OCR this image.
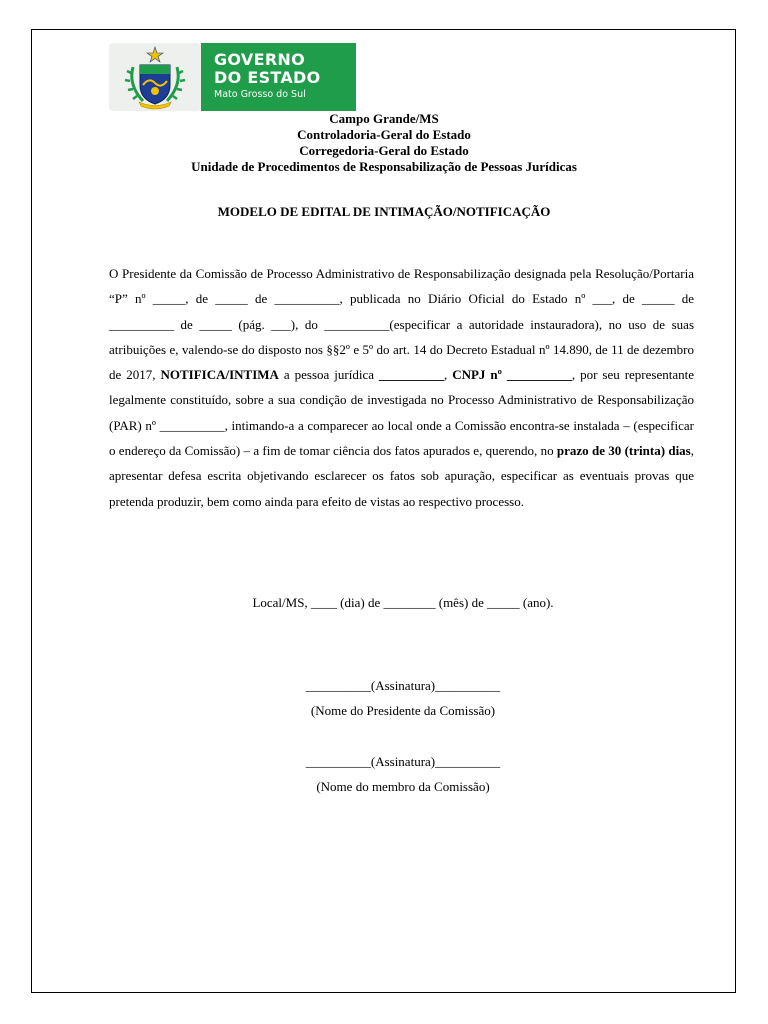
GOVERNO
DO ESTADO
Mato Grosso do Sul
Campo Grande/MS
Controladoria-Geral do Estado
Corregedoria-Geral do Estado
Unidade de Procedimentos de Responsabilização de Pessoas Jurídicas
MODELO DE EDITAL DE INTIMAÇÃO/NOTIFICAÇÃO
O Presidente da Comissão de Processo Administrativo de Responsabilização designada pela Resolução/Portaria “P” nº _____, de _____ de __________, publicada no Diário Oficial do Estado nº ___, de _____ de __________ de _____ (pág. ___), do __________(especificar a autoridade instauradora), no uso de suas atribuições e, valendo-se do disposto nos §§2º e 5º do art. 14 do Decreto Estadual nº 14.890, de 11 de dezembro de 2017, NOTIFICA/INTIMA a pessoa jurídica __________, CNPJ nº __________, por seu representante legalmente constituído, sobre a sua condição de investigada no Processo Administrativo de Responsabilização (PAR) nº __________, intimando-a a comparecer ao local onde a Comissão encontra-se instalada – (especificar o endereço da Comissão) – a fim de tomar ciência dos fatos apurados e, querendo, no prazo de 30 (trinta) dias, apresentar defesa escrita objetivando esclarecer os fatos sob apuração, especificar as eventuais provas que pretenda produzir, bem como ainda para efeito de vistas ao respectivo processo.
Local/MS, ____ (dia) de ________ (mês) de _____ (ano).
__________(Assinatura)__________
(Nome do Presidente da Comissão)
__________(Assinatura)__________
(Nome do membro da Comissão)
